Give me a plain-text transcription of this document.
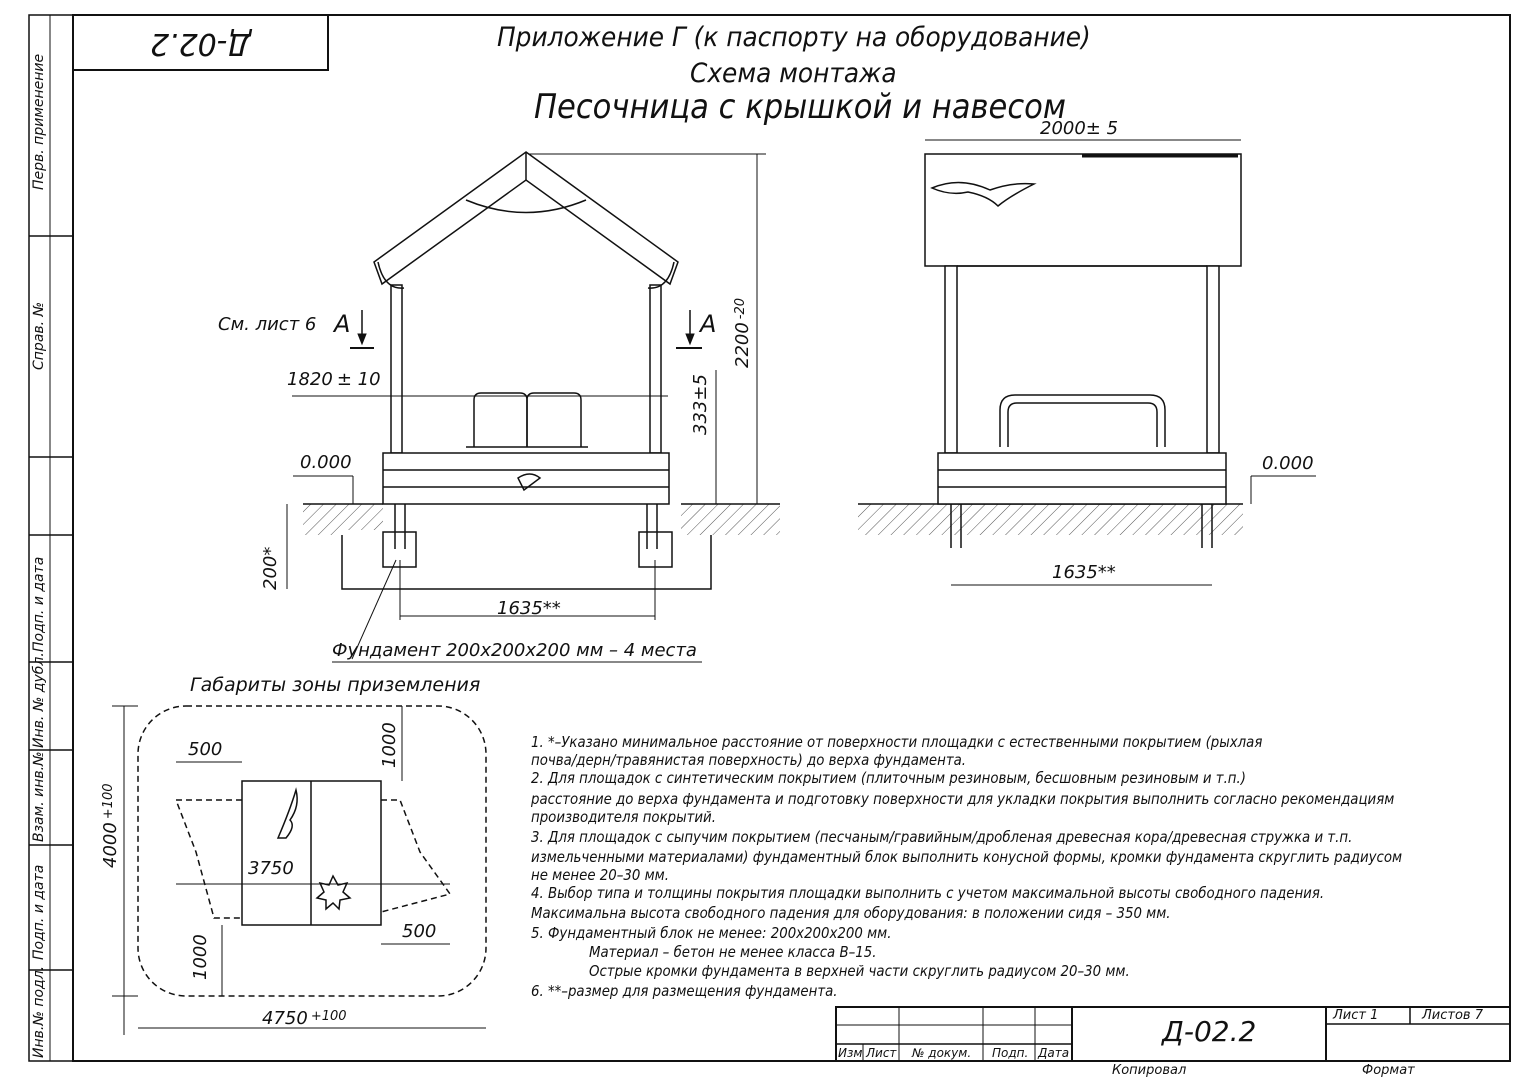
Д-02.2	Приложение Г (к паспорту на оборудование)
Схема монтажа
Песочница с крышкой и навесом
Перв. применение
Справ. №
Подп. и дата
Инв. № дубл.
Взам. инв.№
Подп. и дата
Инв.№ подл.
См. лист 6 А	А
1820 ± 10	333±5
$2200^{-20}$
0.000
200*
1635**
Фундамент 200х200х200 мм – 4 места
2000± 5
0.000
1635**
Габариты зоны приземления
500	1000
3750
500
1000
$4000^{+100}$
4750 $^{+100}$
1. *–Указано минимальное расстояние от поверхности площадки с естественными покрытием (рыхлая
почва/дерн/травянистая поверхность) до верха фундамента.
2. Для площадок с синтетическим покрытием (плиточным резиновым, бесшовным резиновым и т.п.)
расстояние до верха фундамента и подготовку поверхности для укладки покрытия выполнить согласно рекомендациям
производителя покрытий.
3. Для площадок с сыпучим покрытием (песчаным/гравийным/дробленая древесная кора/древесная стружка и т.п.
измельченными материалами) фундаментный блок выполнить конусной формы, кромки фундамента скруглить радиусом
не менее 20–30 мм.
4. Выбор типа и толщины покрытия площадки выполнить с учетом максимальной высоты свободного падения.
Максимальна высота свободного падения для оборудования: в положении сидя – 350 мм.
5. Фундаментный блок не менее: 200х200х200 мм.
Материал – бетон не менее класса В–15.
Острые кромки фундамента в верхней части скруглить радиусом 20–30 мм.
6. **–размер для размещения фундамента.
Д-02.2	Лист 1	Листов 7
Изм Лист № докум. Подп. Дата
Копировал	Формат
